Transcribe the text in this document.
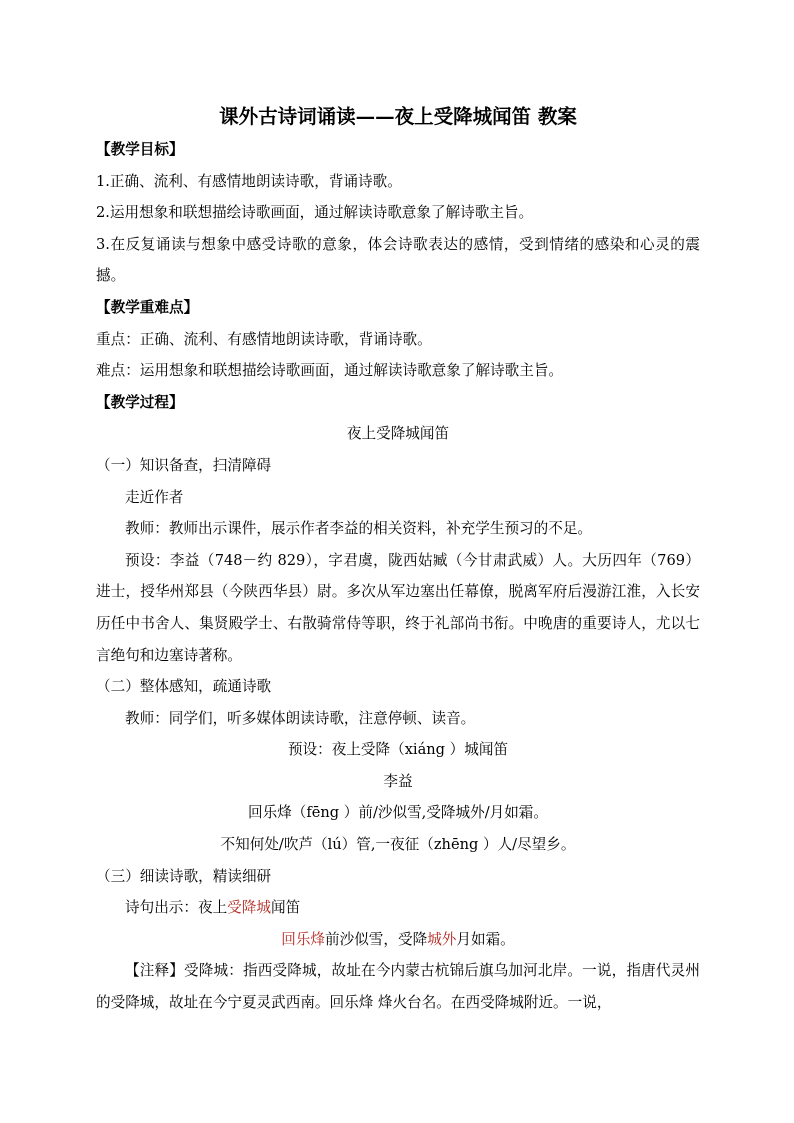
课外古诗词诵读——夜上受降城闻笛 教案

【教学目标】

1.正确、流利、有感情地朗读诗歌，背诵诗歌。

2.运用想象和联想描绘诗歌画面，通过解读诗歌意象了解诗歌主旨。

3.在反复诵读与想象中感受诗歌的意象，体会诗歌表达的感情，受到情绪的感染和心灵的震撼。

【教学重难点】

重点：正确、流利、有感情地朗读诗歌，背诵诗歌。

难点：运用想象和联想描绘诗歌画面，通过解读诗歌意象了解诗歌主旨。

【教学过程】

夜上受降城闻笛

（一）知识备查，扫清障碍

走近作者

教师：教师出示课件，展示作者李益的相关资料，补充学生预习的不足。

预设：李益（748－约 829），字君虞，陇西姑臧（今甘肃武威）人。大历四年（769）进士，授华州郑县（今陕西华县）尉。多次从军边塞出任幕僚，脱离军府后漫游江淮，入长安历任中书舍人、集贤殿学士、右散骑常侍等职，终于礼部尚书衔。中晚唐的重要诗人，尤以七言绝句和边塞诗著称。

（二）整体感知，疏通诗歌

教师：同学们，听多媒体朗读诗歌，注意停顿、读音。

预设：夜上受降（xiáng ）城闻笛

李益

回乐烽（fēng ）前/沙似雪,受降城外/月如霜。

不知何处/吹芦（lú）管,一夜征（zhēng ）人/尽望乡。

（三）细读诗歌，精读细研

诗句出示：夜上受降城闻笛

回乐烽前沙似雪，受降城外月如霜。

【注释】受降城：指西受降城，故址在今内蒙古杭锦后旗乌加河北岸。一说，指唐代灵州的受降城，故址在今宁夏灵武西南。回乐烽 烽火台名。在西受降城附近。一说，
